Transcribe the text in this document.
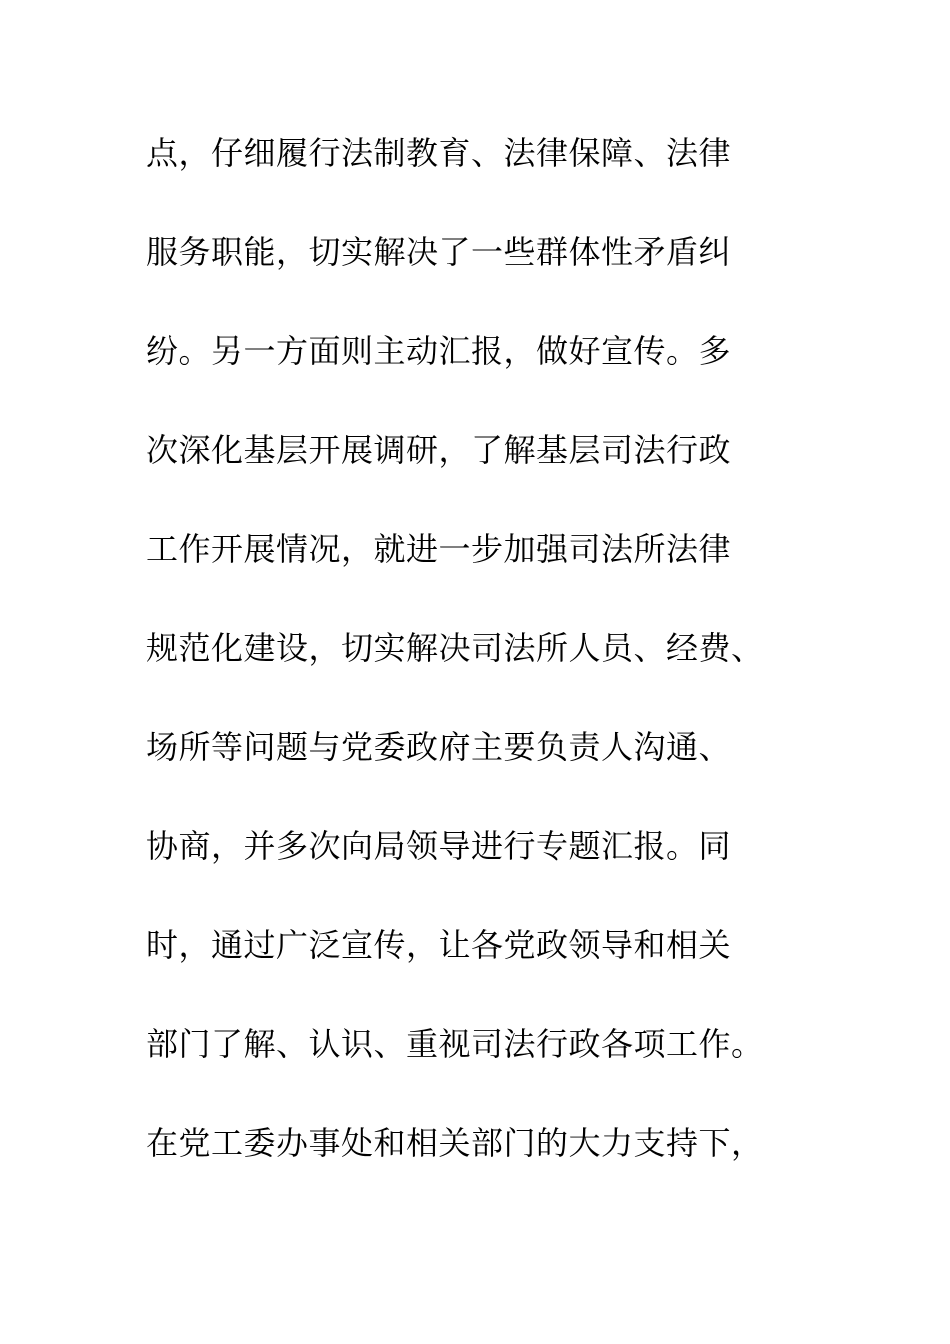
点，仔细履行法制教育、法律保障、法律
服务职能，切实解决了一些群体性矛盾纠
纷。另一方面则主动汇报，做好宣传。多
次深化基层开展调研，了解基层司法行政
工作开展情况，就进一步加强司法所法律
规范化建设，切实解决司法所人员、经费、
场所等问题与党委政府主要负责人沟通、
协商，并多次向局领导进行专题汇报。同
时，通过广泛宣传，让各党政领导和相关
部门了解、认识、重视司法行政各项工作。
在党工委办事处和相关部门的大力支持下，
